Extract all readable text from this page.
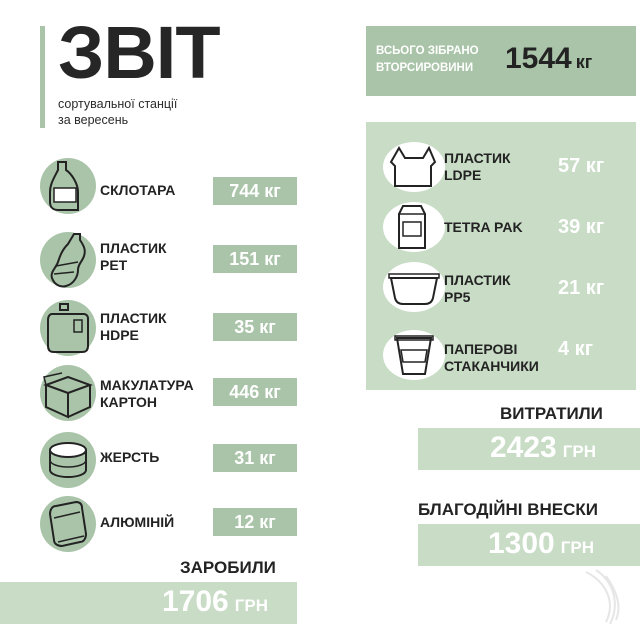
ЗВІТ
сортувальної станції
за вересень
ВСЬОГО ЗІБРАНО
ВТОРСИРОВИНИ 1544 кг
СКЛОТАРА	744 кг
ПЛАСТИК
PET	151 кг
ПЛАСТИК
HDPE	35 кг
МАКУЛАТУРА
КАРТОН	446 кг
ЖЕРСТЬ	31 кг
АЛЮМІНІЙ	12 кг
ЗАРОБИЛИ
1706 ГРН
ПЛАСТИК
LDPE	57 кг
TETRA PAK 39 кг
ПЛАСТИК
PP5	21 кг
ПАПЕРОВІ
СТАКАНЧИКИ
4 кг
ВИТРАТИЛИ
2423 ГРН
БЛАГОДІЙНІ ВНЕСКИ
1300 ГРН
